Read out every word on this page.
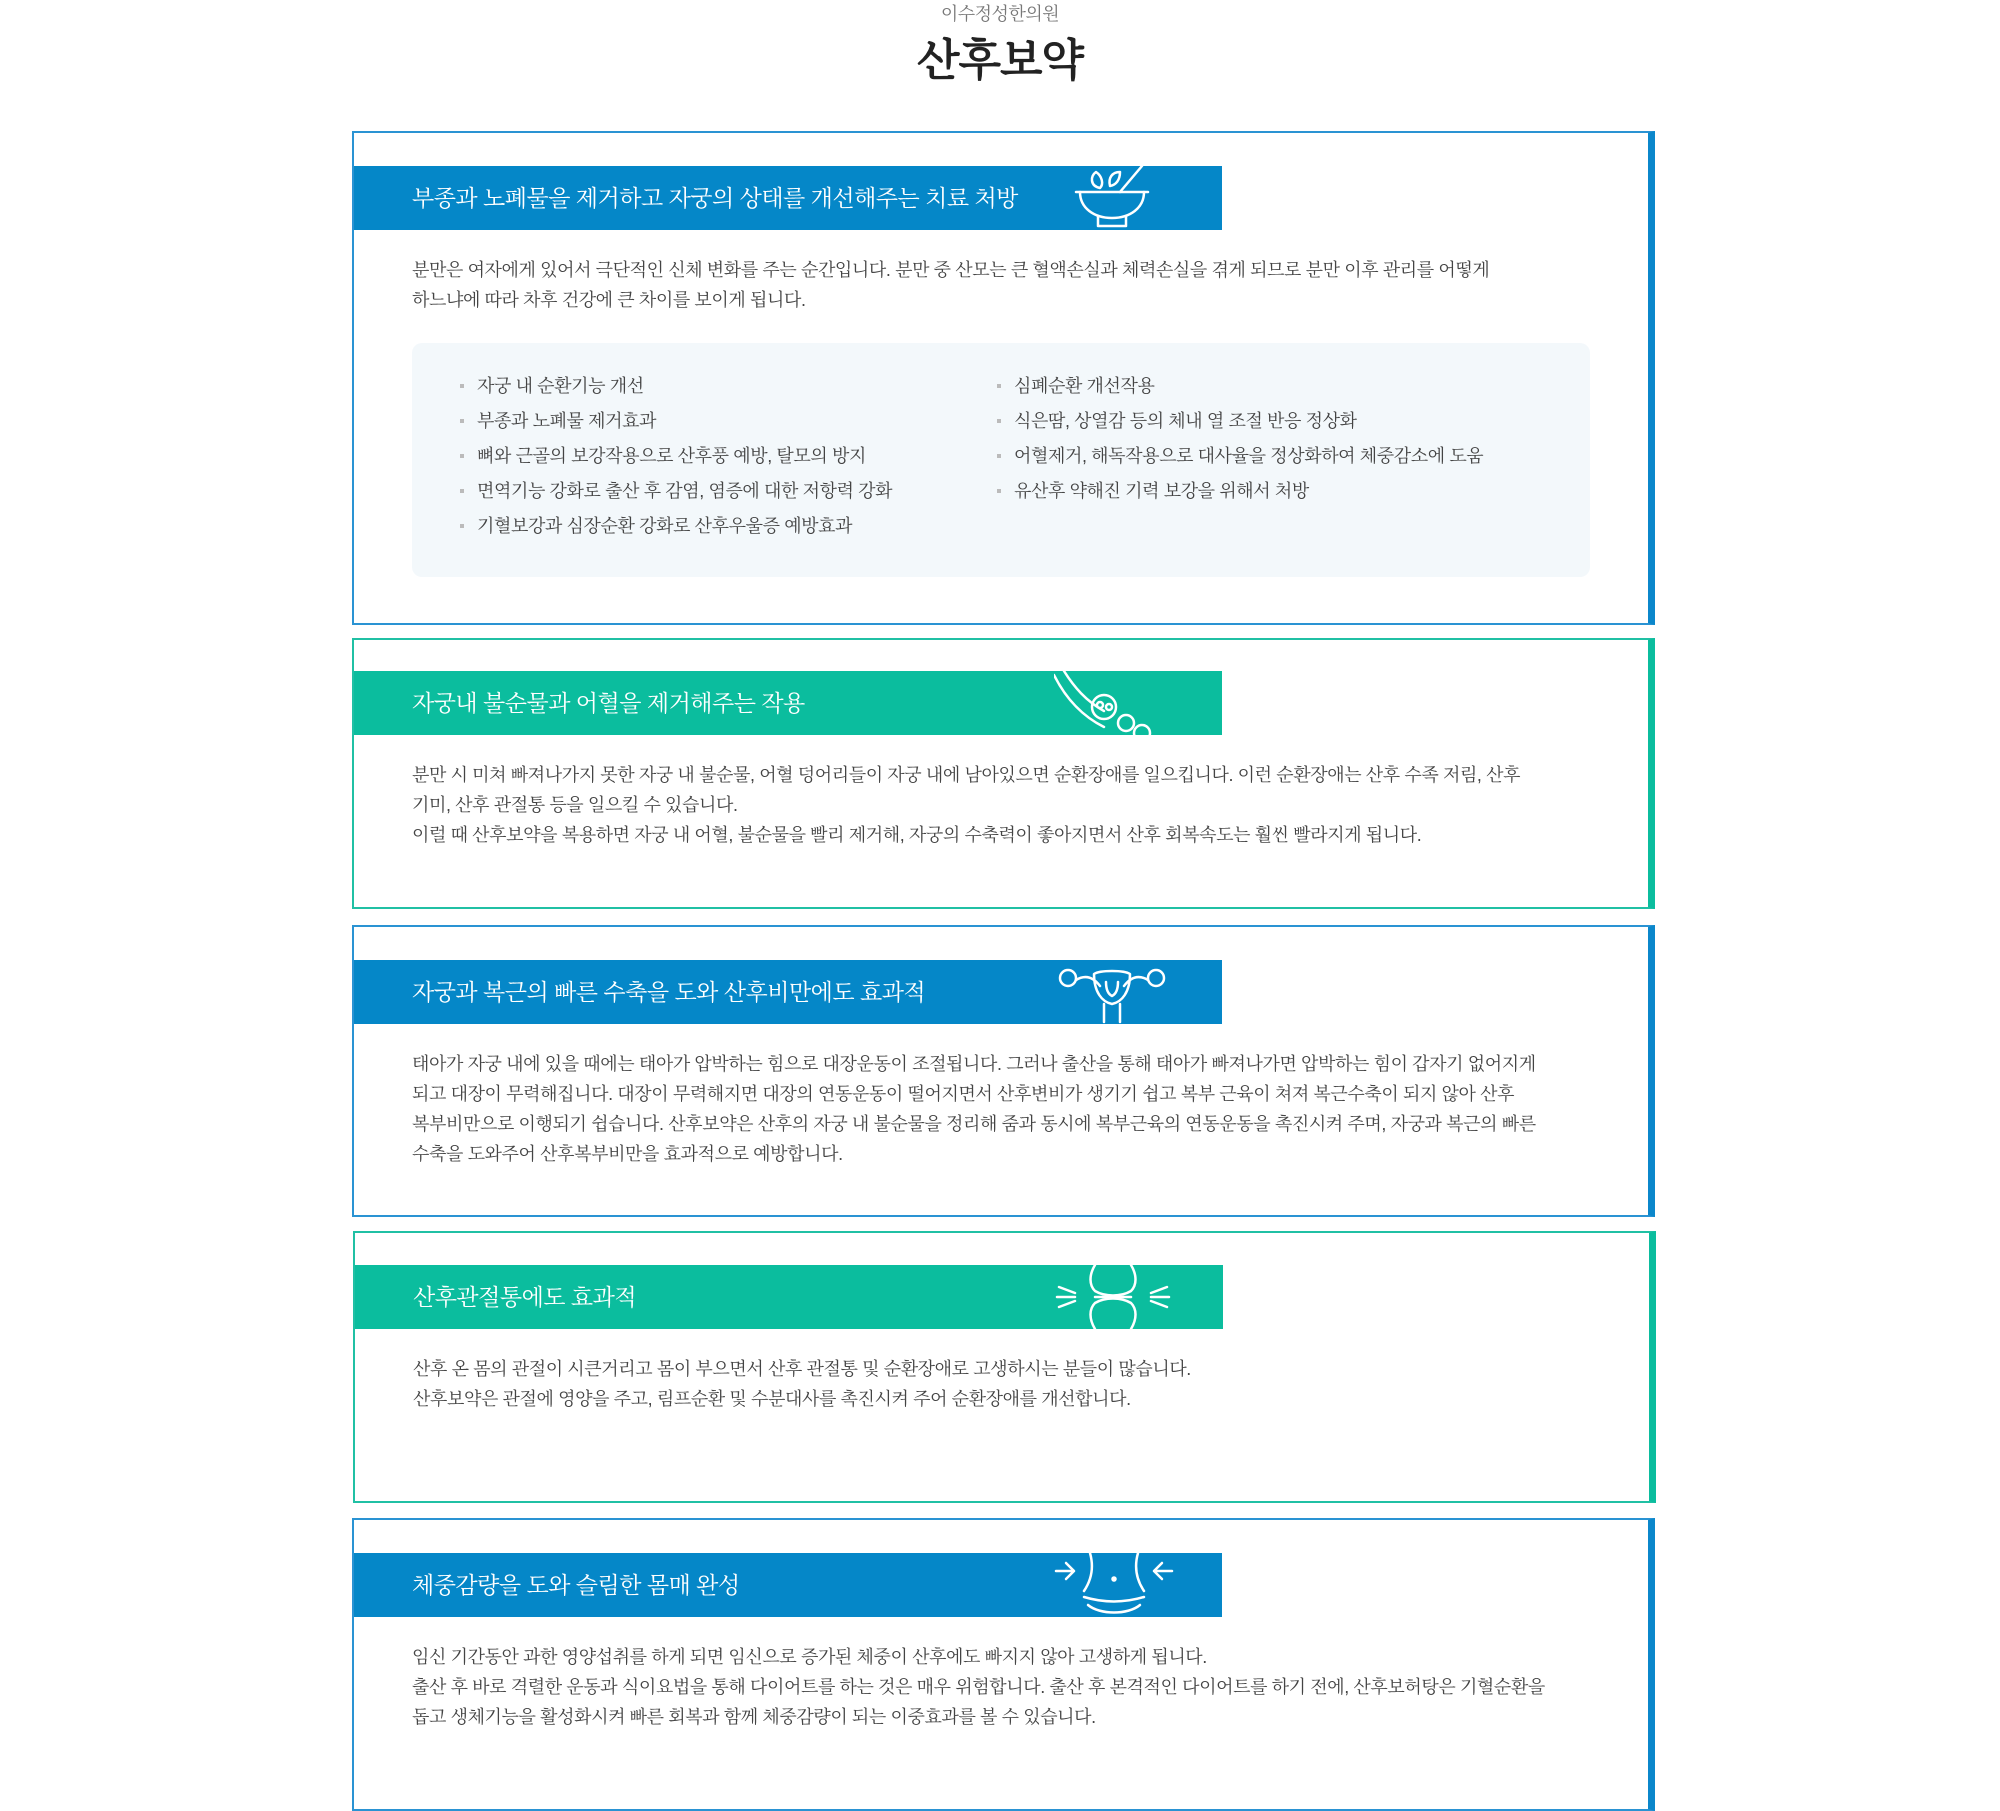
이수정성한의원
산후보약
부종과 노폐물을 제거하고 자궁의 상태를 개선해주는 치료 처방

분만은 여자에게 있어서 극단적인 신체 변화를 주는 순간입니다. 분만 중 산모는 큰 혈액손실과 체력손실을 겪게 되므로 분만 이후 관리를 어떻게

하느냐에 따라 차후 건강에 큰 차이를 보이게 됩니다.

자궁 내 순환기능 개선
부종과 노폐물 제거효과
뼈와 근골의 보강작용으로 산후풍 예방, 탈모의 방지
면역기능 강화로 출산 후 감염, 염증에 대한 저항력 강화
기혈보강과 심장순환 강화로 산후우울증 예방효과
심폐순환 개선작용
식은땀, 상열감 등의 체내 열 조절 반응 정상화
어혈제거, 해독작용으로 대사율을 정상화하여 체중감소에 도움
유산후 약해진 기력 보강을 위해서 처방
자궁내 불순물과 어혈을 제거해주는 작용

분만 시 미쳐 빠져나가지 못한 자궁 내 불순물, 어혈 덩어리들이 자궁 내에 남아있으면 순환장애를 일으킵니다. 이런 순환장애는 산후 수족 저림, 산후

기미, 산후 관절통 등을 일으킬 수 있습니다.

이럴 때 산후보약을 복용하면 자궁 내 어혈, 불순물을 빨리 제거해, 자궁의 수축력이 좋아지면서 산후 회복속도는 훨씬 빨라지게 됩니다.

자궁과 복근의 빠른 수축을 도와 산후비만에도 효과적

태아가 자궁 내에 있을 때에는 태아가 압박하는 힘으로 대장운동이 조절됩니다. 그러나 출산을 통해 태아가 빠져나가면 압박하는 힘이 갑자기 없어지게

되고 대장이 무력해집니다. 대장이 무력해지면 대장의 연동운동이 떨어지면서 산후변비가 생기기 쉽고 복부 근육이 쳐져 복근수축이 되지 않아 산후

복부비만으로 이행되기 쉽습니다. 산후보약은 산후의 자궁 내 불순물을 정리해 줌과 동시에 복부근육의 연동운동을 촉진시켜 주며, 자궁과 복근의 빠른

수축을 도와주어 산후복부비만을 효과적으로 예방합니다.

산후관절통에도 효과적

산후 온 몸의 관절이 시큰거리고 몸이 부으면서 산후 관절통 및 순환장애로 고생하시는 분들이 많습니다.

산후보약은 관절에 영양을 주고, 림프순환 및 수분대사를 촉진시켜 주어 순환장애를 개선합니다.

체중감량을 도와 슬림한 몸매 완성

임신 기간동안 과한 영양섭취를 하게 되면 임신으로 증가된 체중이 산후에도 빠지지 않아 고생하게 됩니다.

출산 후 바로 격렬한 운동과 식이요법을 통해 다이어트를 하는 것은 매우 위험합니다. 출산 후 본격적인 다이어트를 하기 전에, 산후보허탕은 기혈순환을

돕고 생체기능을 활성화시켜 빠른 회복과 함께 체중감량이 되는 이중효과를 볼 수 있습니다.
